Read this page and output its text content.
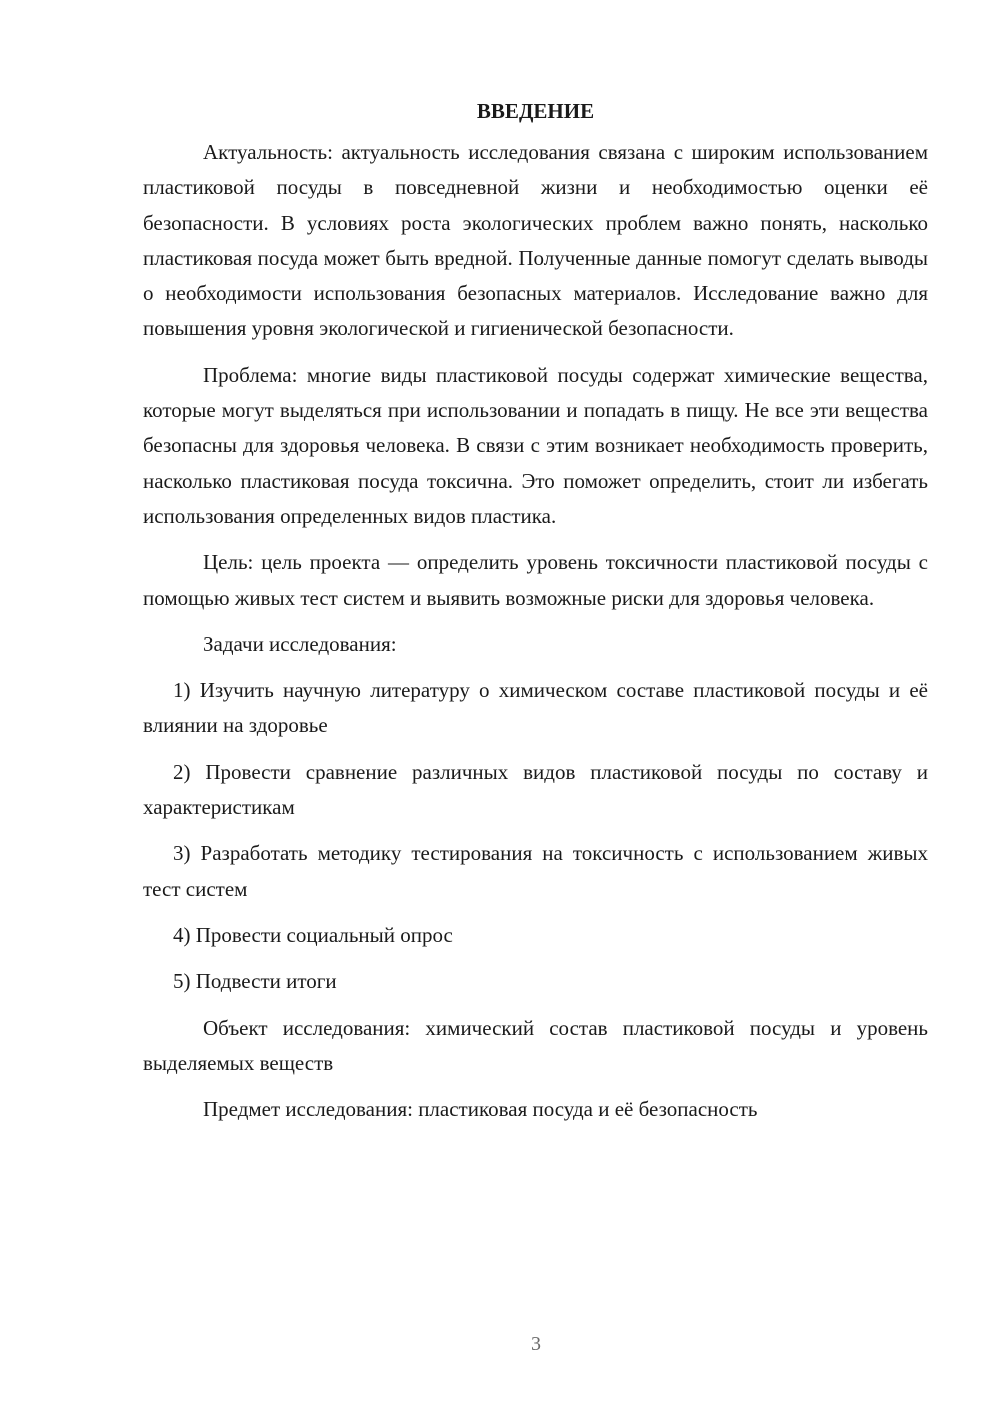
ВВЕДЕНИЕ

Актуальность: актуальность исследования связана с широким использованием пластиковой посуды в повседневной жизни и необходимостью оценки её безопасности. В условиях роста экологических проблем важно понять, насколько пластиковая посуда может быть вредной. Полученные данные помогут сделать выводы о необходимости использования безопасных материалов. Исследование важно для повышения уровня экологической и гигиенической безопасности.

Проблема: многие виды пластиковой посуды содержат химические вещества, которые могут выделяться при использовании и попадать в пищу. Не все эти вещества безопасны для здоровья человека. В связи с этим возникает необходимость проверить, насколько пластиковая посуда токсична. Это поможет определить, стоит ли избегать использования определенных видов пластика.

Цель: цель проекта — определить уровень токсичности пластиковой посуды с помощью живых тест систем и выявить возможные риски для здоровья человека.

Задачи исследования:

1) Изучить научную литературу о химическом составе пластиковой посуды и её влиянии на здоровье

2) Провести сравнение различных видов пластиковой посуды по составу и характеристикам

3) Разработать методику тестирования на токсичность с использованием живых тест систем

4) Провести социальный опрос

5) Подвести итоги

Объект исследования: химический состав пластиковой посуды и уровень выделяемых веществ

Предмет исследования: пластиковая посуда и её безопасность

3
